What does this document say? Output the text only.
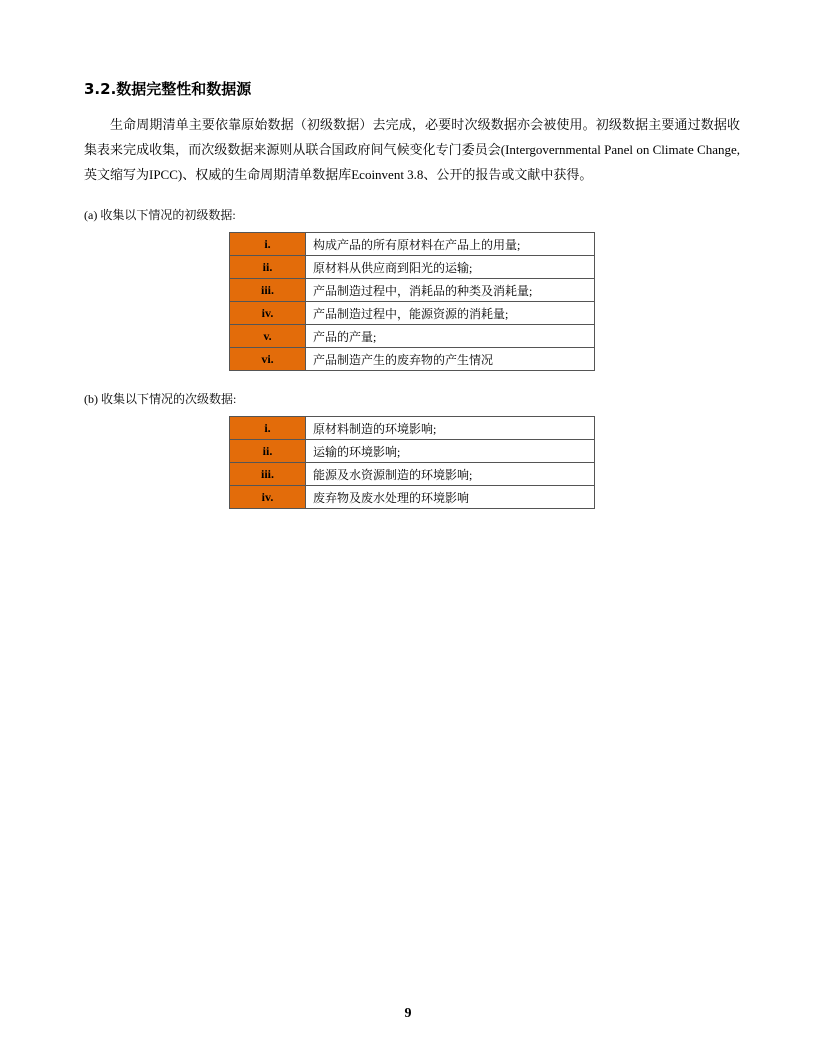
3.2.数据完整性和数据源

生命周期清单主要依靠原始数据（初级数据）去完成，必要时次级数据亦会被使用。初级数据主要通过数据收集表来完成收集，而次级数据来源则从联合国政府间气候变化专门委员会(Intergovernmental Panel on Climate Change, 英文缩写为IPCC)、权威的生命周期清单数据库Ecoinvent 3.8、公开的报告或文献中获得。

(a) 收集以下情况的初级数据:
i.	构成产品的所有原材料在产品上的用量;
ii.	原材料从供应商到阳光的运输;
iii.	产品制造过程中，消耗品的种类及消耗量;
iv.	产品制造过程中，能源资源的消耗量;
v.	产品的产量;
vi.	产品制造产生的废弃物的产生情况
(b) 收集以下情况的次级数据:
i.	原材料制造的环境影响;
ii.	运输的环境影响;
iii.	能源及水资源制造的环境影响;
iv.	废弃物及废水处理的环境影响
9
